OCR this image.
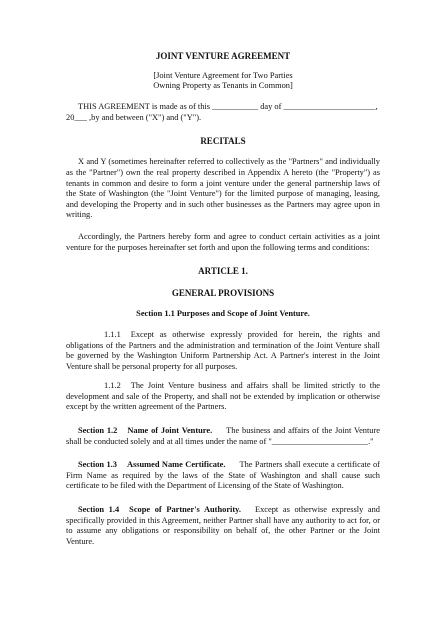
JOINT VENTURE AGREEMENT
[Joint Venture Agreement for Two Parties
Owning Property as Tenants in Common]
THIS AGREEMENT is made as of this ___________ day of ______________________,
20___ ,by and between ("X") and ("Y").
RECITALS
X and Y (sometimes hereinafter referred to collectively as the "Partners" and individually as the "Partner") own the real property described in Appendix A hereto (the "Property") as tenants in common and desire to form a joint venture under the general partnership laws of the State of Washington (the "Joint Venture") for the limited purpose of managing, leasing, and developing the Property and in such other businesses as the Partners may agree upon in writing.
Accordingly, the Partners hereby form and agree to conduct certain activities as a joint venture for the purposes hereinafter set forth and upon the following terms and conditions:
ARTICLE 1.
GENERAL PROVISIONS
Section 1.1 Purposes and Scope of Joint Venture.
1.1.1 Except as otherwise expressly provided for herein, the rights and obligations of the Partners and the administration and termination of the Joint Venture shall be governed by the Washington Uniform Partnership Act. A Partner's interest in the Joint Venture shall be personal property for all purposes.
1.1.2 The Joint Venture business and affairs shall be limited strictly to the development and sale of the Property, and shall not be extended by implication or otherwise except by the written agreement of the Partners.
Section 1.2 Name of Joint Venture. The business and affairs of the Joint Venture shall be conducted solely and at all times under the name of "_______________________."
Section 1.3 Assumed Name Certificate. The Partners shall execute a certificate of Firm Name as required by the laws of the State of Washington and shall cause such certificate to be filed with the Department of Licensing of the State of Washington.
Section 1.4 Scope of Partner's Authority. Except as otherwise expressly and specifically provided in this Agreement, neither Partner shall have any authority to act for, or to assume any obligations or responsibility on behalf of, the other Partner or the Joint Venture.
